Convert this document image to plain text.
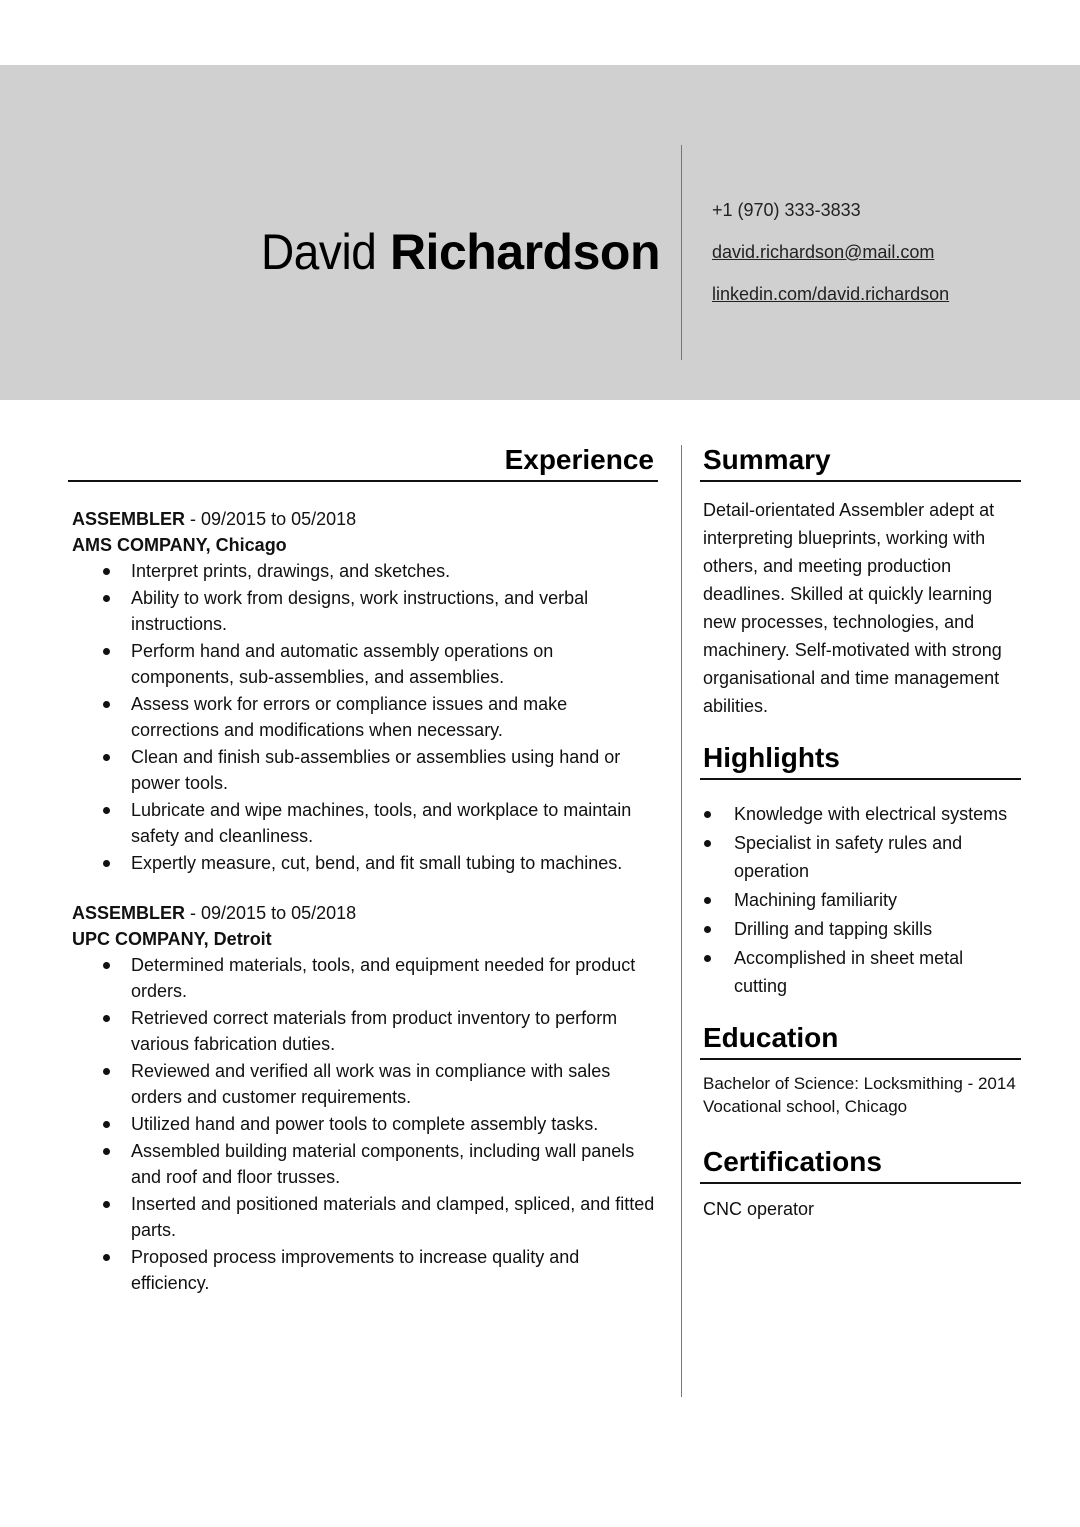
David Richardson
+1 (970) 333-3833
david.richardson@mail.com
linkedin.com/david.richardson
Experience
ASSEMBLER - 09/2015 to 05/2018
AMS COMPANY, Chicago
Interpret prints, drawings, and sketches.
Ability to work from designs, work instructions, and verbal instructions.
Perform hand and automatic assembly operations on components, sub-assemblies, and assemblies.
Assess work for errors or compliance issues and make corrections and modifications when necessary.
Clean and finish sub-assemblies or assemblies using hand or power tools.
Lubricate and wipe machines, tools, and workplace to maintain safety and cleanliness.
Expertly measure, cut, bend, and fit small tubing to machines.
ASSEMBLER - 09/2015 to 05/2018
UPC COMPANY, Detroit
Determined materials, tools, and equipment needed for product orders.
Retrieved correct materials from product inventory to perform various fabrication duties.
Reviewed and verified all work was in compliance with sales orders and customer requirements.
Utilized hand and power tools to complete assembly tasks.
Assembled building material components, including wall panels and roof and floor trusses.
Inserted and positioned materials and clamped, spliced, and fitted parts.
Proposed process improvements to increase quality and efficiency.
Summary

Detail-orientated Assembler adept at interpreting blueprints, working with others, and meeting production deadlines. Skilled at quickly learning new processes, technologies, and machinery. Self-motivated with strong organisational and time management abilities.

Highlights
Knowledge with electrical systems
Specialist in safety rules and operation
Machining familiarity
Drilling and tapping skills
Accomplished in sheet metal cutting
Education
Bachelor of Science: Locksmithing - 2014
Vocational school, Chicago
Certifications
CNC operator
